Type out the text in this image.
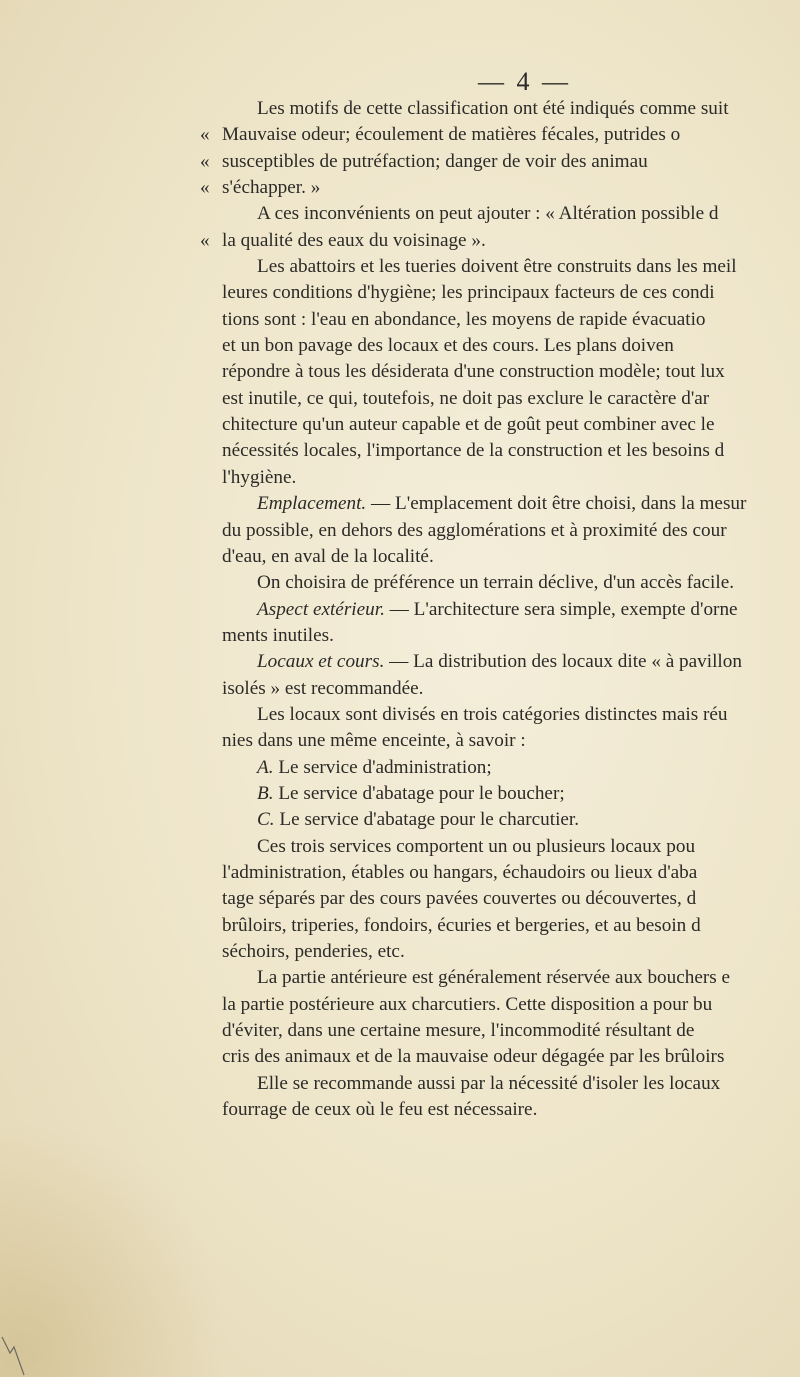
— 4 —
Les motifs de cette classification ont été indiqués comme suit
« Mauvaise odeur; écoulement de matières fécales, putrides o
« susceptibles de putréfaction; danger de voir des animau
« s'échapper. »
A ces inconvénients on peut ajouter : « Altération possible d
« la qualité des eaux du voisinage ».
Les abattoirs et les tueries doivent être construits dans les meil
leures conditions d'hygiène; les principaux facteurs de ces condi
tions sont : l'eau en abondance, les moyens de rapide évacuatio
et un bon pavage des locaux et des cours. Les plans doiven
répondre à tous les désiderata d'une construction modèle; tout lux
est inutile, ce qui, toutefois, ne doit pas exclure le caractère d'ar
chitecture qu'un auteur capable et de goût peut combiner avec le
nécessités locales, l'importance de la construction et les besoins d
l'hygiène.
Emplacement. — L'emplacement doit être choisi, dans la mesur
du possible, en dehors des agglomérations et à proximité des cour
d'eau, en aval de la localité.
On choisira de préférence un terrain déclive, d'un accès facile.
Aspect extérieur. — L'architecture sera simple, exempte d'orne
ments inutiles.
Locaux et cours. — La distribution des locaux dite « à pavillon
isolés » est recommandée.
Les locaux sont divisés en trois catégories distinctes mais réu
nies dans une même enceinte, à savoir :
A. Le service d'administration;
B. Le service d'abatage pour le boucher;
C. Le service d'abatage pour le charcutier.
Ces trois services comportent un ou plusieurs locaux pou
l'administration, étables ou hangars, échaudoirs ou lieux d'aba
tage séparés par des cours pavées couvertes ou découvertes, d
brûloirs, triperies, fondoirs, écuries et bergeries, et au besoin d
séchoirs, penderies, etc.
La partie antérieure est généralement réservée aux bouchers e
la partie postérieure aux charcutiers. Cette disposition a pour bu
d'éviter, dans une certaine mesure, l'incommodité résultant de
cris des animaux et de la mauvaise odeur dégagée par les brûloirs
Elle se recommande aussi par la nécessité d'isoler les locaux
fourrage de ceux où le feu est nécessaire.
